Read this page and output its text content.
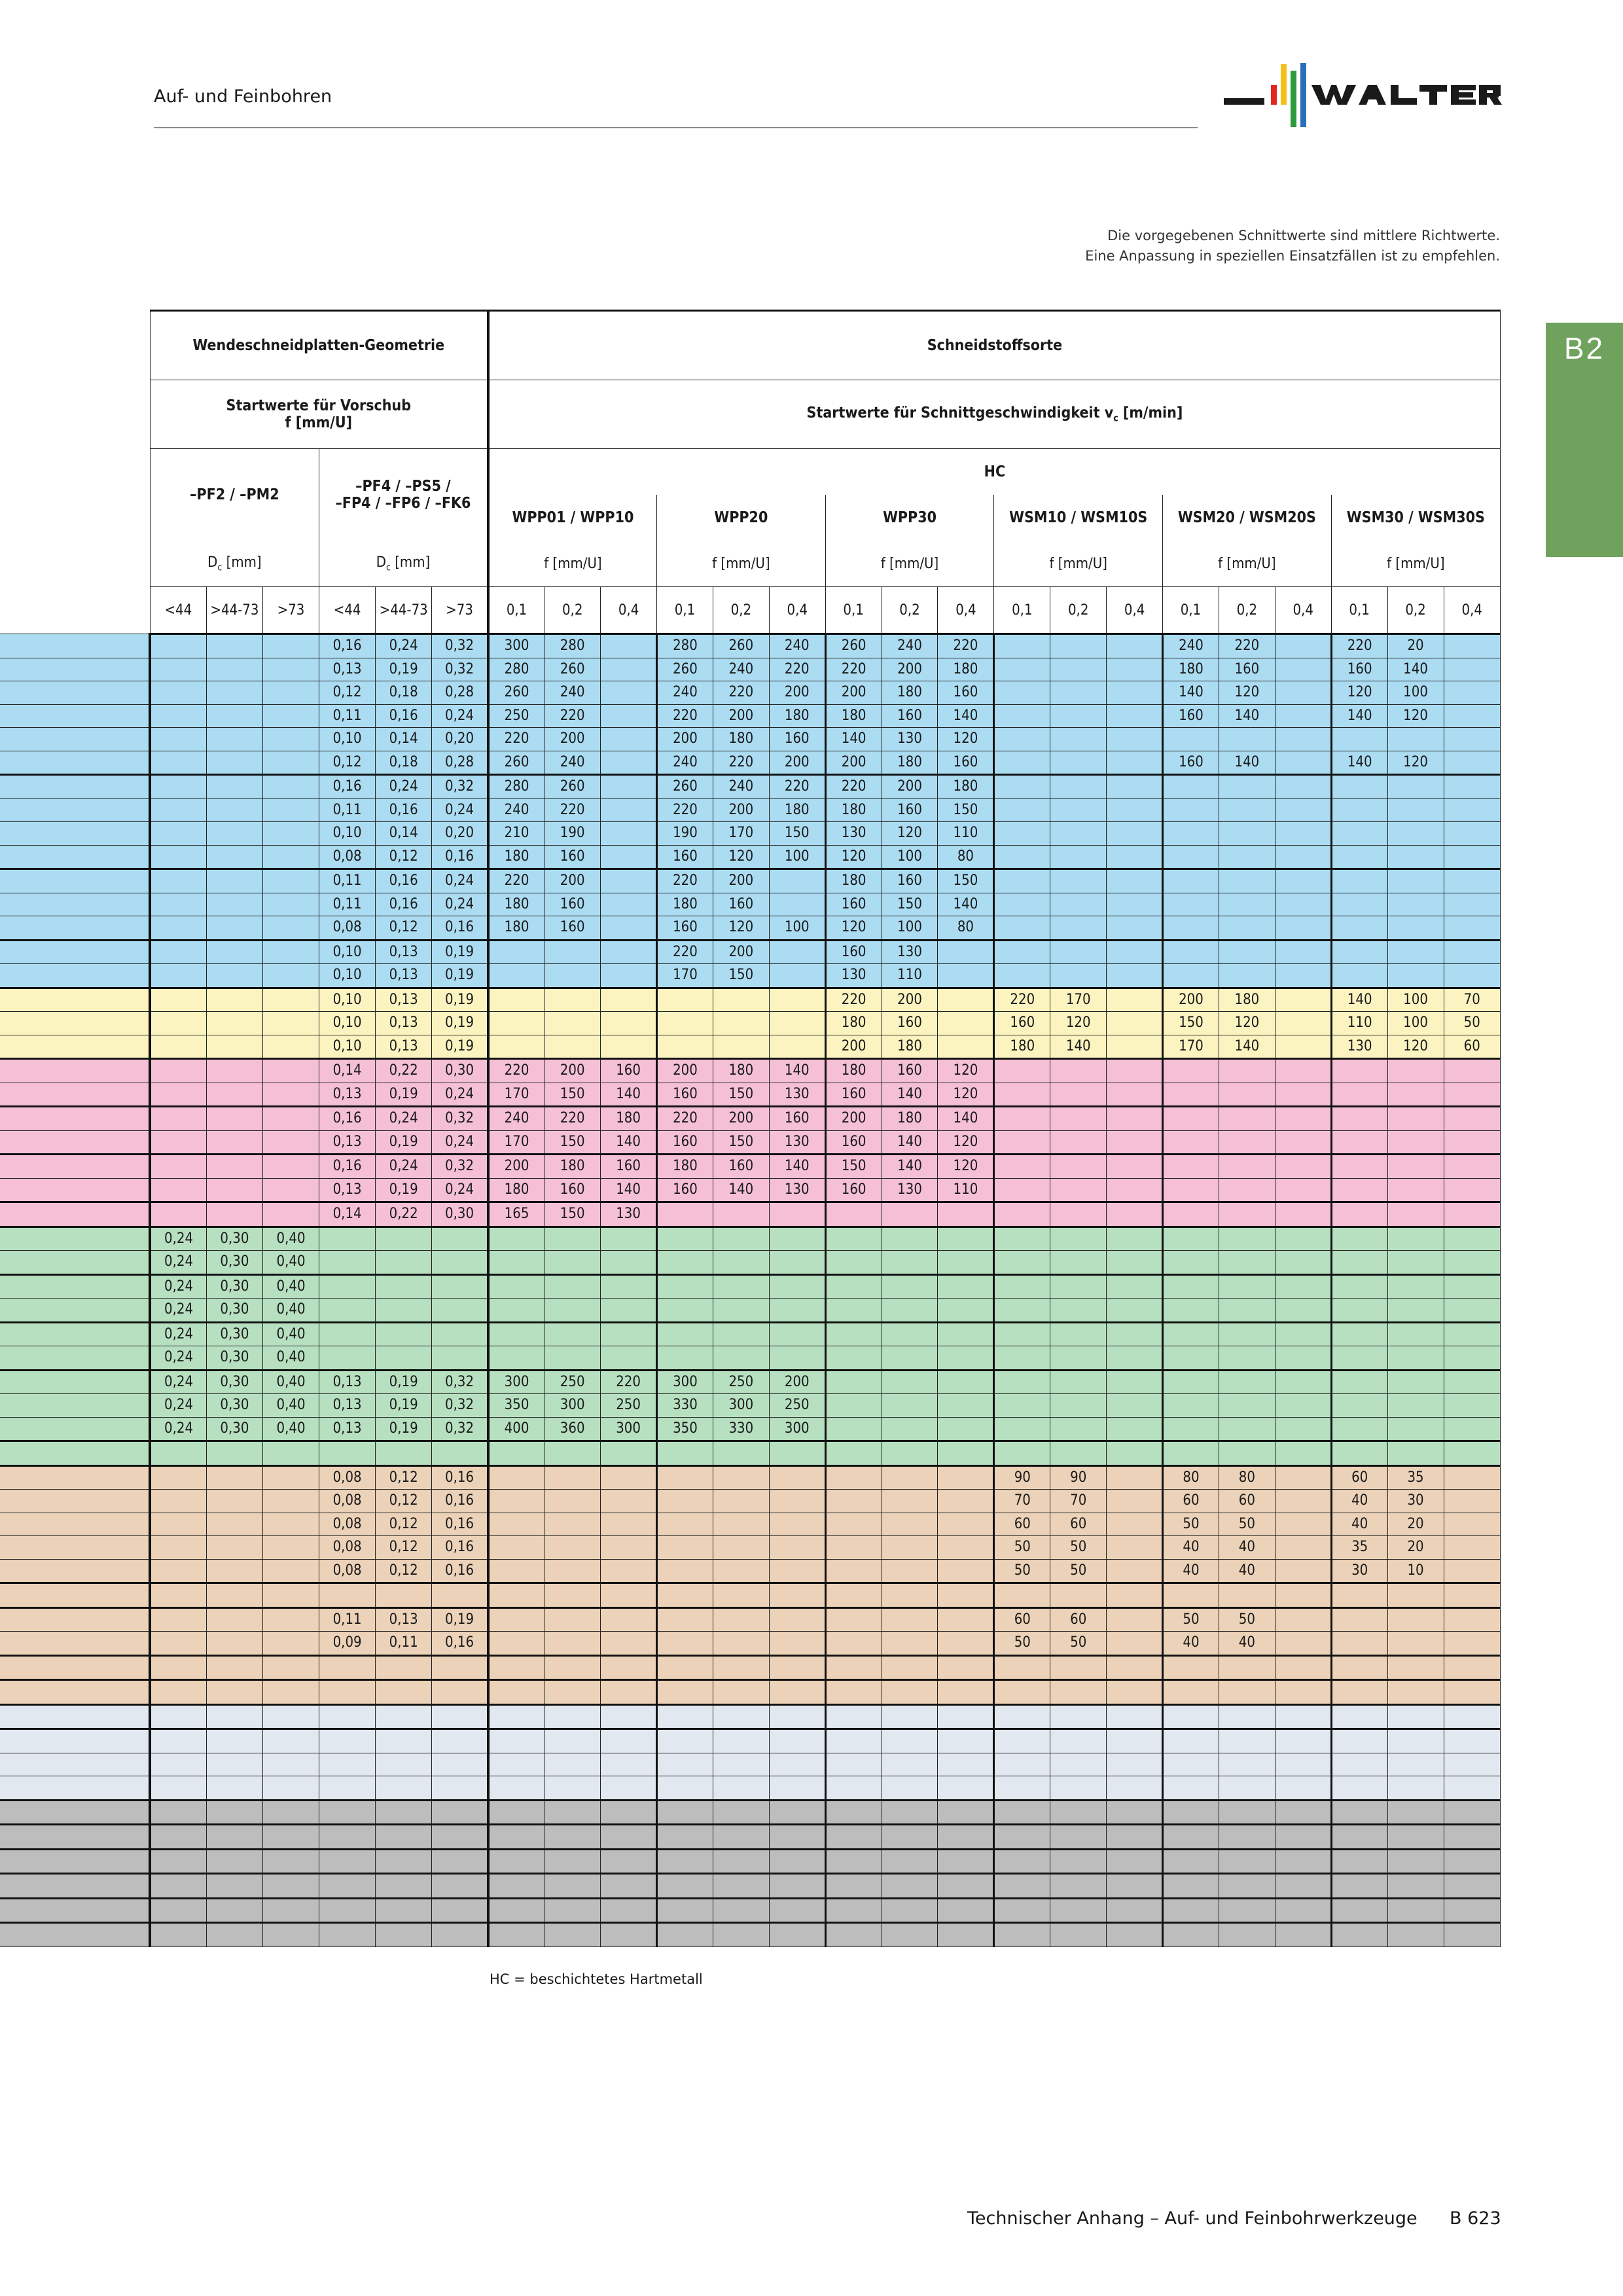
Auf- und Feinbohren
Die vorgegebenen Schnittwerte sind mittlere Richtwerte.
Eine Anpassung in speziellen Einsatzfällen ist zu empfehlen.
B2
	Wendeschneidplatten-Geometrie						Schneidstoffsorte																	

	Startwerte für Vorschub
f [mm/U]						Startwerte für Schnittgeschwindigkeit $v_c$ [m/min]																	
	–PF2 / –PM2			–PF4 / –PS5 /
–FP4 / –FP6 / –FK6			HC																	
							WPP01 / WPP10			WPP20			WPP30			WSM10 / WSM10S			WSM20 / WSM20S			WSM30 / WSM30S		
	$D_c$ [mm]			$D_c$ [mm]			f [mm/U]			f [mm/U]			f [mm/U]			f [mm/U]			f [mm/U]			f [mm/U]		
	<44	>44-73	>73	<44	>44-73	>73	0,1	0,2	0,4	0,1	0,2	0,4	0,1	0,2	0,4	0,1	0,2	0,4	0,1	0,2	0,4	0,1	0,2	0,4
				0,16	0,24	0,32	300	280		280	260	240	260	240	220				240	220		220	20	
				0,13	0,19	0,32	280	260		260	240	220	220	200	180				180	160		160	140	
				0,12	0,18	0,28	260	240		240	220	200	200	180	160				140	120		120	100	
				0,11	0,16	0,24	250	220		220	200	180	180	160	140				160	140		140	120	
				0,10	0,14	0,20	220	200		200	180	160	140	130	120									
				0,12	0,18	0,28	260	240		240	220	200	200	180	160				160	140		140	120	
				0,16	0,24	0,32	280	260		260	240	220	220	200	180									
				0,11	0,16	0,24	240	220		220	200	180	180	160	150									
				0,10	0,14	0,20	210	190		190	170	150	130	120	110									
				0,08	0,12	0,16	180	160		160	120	100	120	100	80									
				0,11	0,16	0,24	220	200		220	200		180	160	150									
				0,11	0,16	0,24	180	160		180	160		160	150	140									
				0,08	0,12	0,16	180	160		160	120	100	120	100	80									
				0,10	0,13	0,19				220	200		160	130										
				0,10	0,13	0,19				170	150		130	110										
				0,10	0,13	0,19							220	200		220	170		200	180		140	100	70
				0,10	0,13	0,19							180	160		160	120		150	120		110	100	50
				0,10	0,13	0,19							200	180		180	140		170	140		130	120	60
				0,14	0,22	0,30	220	200	160	200	180	140	180	160	120									
				0,13	0,19	0,24	170	150	140	160	150	130	160	140	120									
				0,16	0,24	0,32	240	220	180	220	200	160	200	180	140									
				0,13	0,19	0,24	170	150	140	160	150	130	160	140	120									
				0,16	0,24	0,32	200	180	160	180	160	140	150	140	120									
				0,13	0,19	0,24	180	160	140	160	140	130	160	130	110									
				0,14	0,22	0,30	165	150	130															
	0,24	0,30	0,40																					
	0,24	0,30	0,40																					
	0,24	0,30	0,40																					
	0,24	0,30	0,40																					
	0,24	0,30	0,40																					
	0,24	0,30	0,40																					
	0,24	0,30	0,40	0,13	0,19	0,32	300	250	220	300	250	200												
	0,24	0,30	0,40	0,13	0,19	0,32	350	300	250	330	300	250												
	0,24	0,30	0,40	0,13	0,19	0,32	400	360	300	350	330	300												

				0,08	0,12	0,16										90	90		80	80		60	35	
				0,08	0,12	0,16										70	70		60	60		40	30	
				0,08	0,12	0,16										60	60		50	50		40	20	
				0,08	0,12	0,16										50	50		40	40		35	20	
				0,08	0,12	0,16										50	50		40	40		30	10	

				0,11	0,13	0,19										60	60		50	50				
				0,09	0,11	0,16										50	50		40	40				

HC = beschichtetes Hartmetall
Technischer Anhang – Auf- und Feinbohrwerkzeuge B 623
